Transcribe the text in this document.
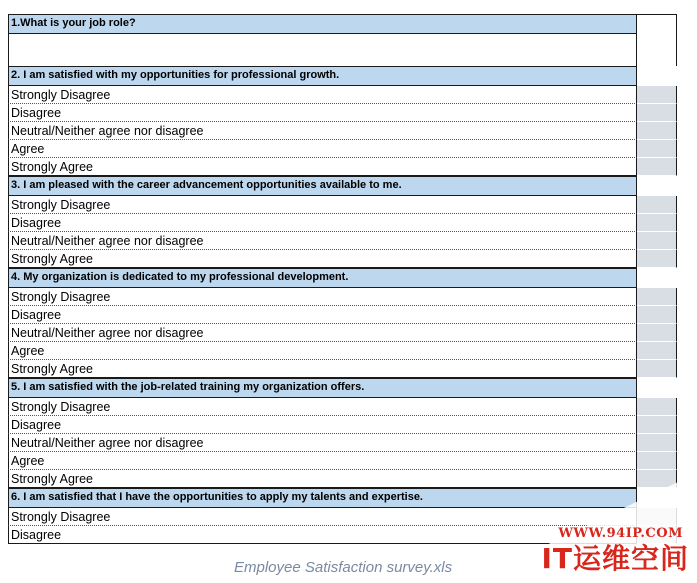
1.What is your job role?
2. I am satisfied with my opportunities for professional growth.
Strongly Disagree
Disagree
Neutral/Neither agree nor disagree
Agree
Strongly Agree
3. I am pleased with the career advancement opportunities available to me.
Strongly Disagree
Disagree
Neutral/Neither agree nor disagree
Strongly Agree
4. My organization is dedicated to my professional development.
Strongly Disagree
Disagree
Neutral/Neither agree nor disagree
Agree
Strongly Agree
5. I am satisfied with the job-related training my organization offers.
Strongly Disagree
Disagree
Neutral/Neither agree nor disagree
Agree
Strongly Agree
6. I am satisfied that I have the opportunities to apply my talents and expertise.
Strongly Disagree
Disagree
Employee Satisfaction survey.xls
WWW.94IP.COM
IT运维空间
